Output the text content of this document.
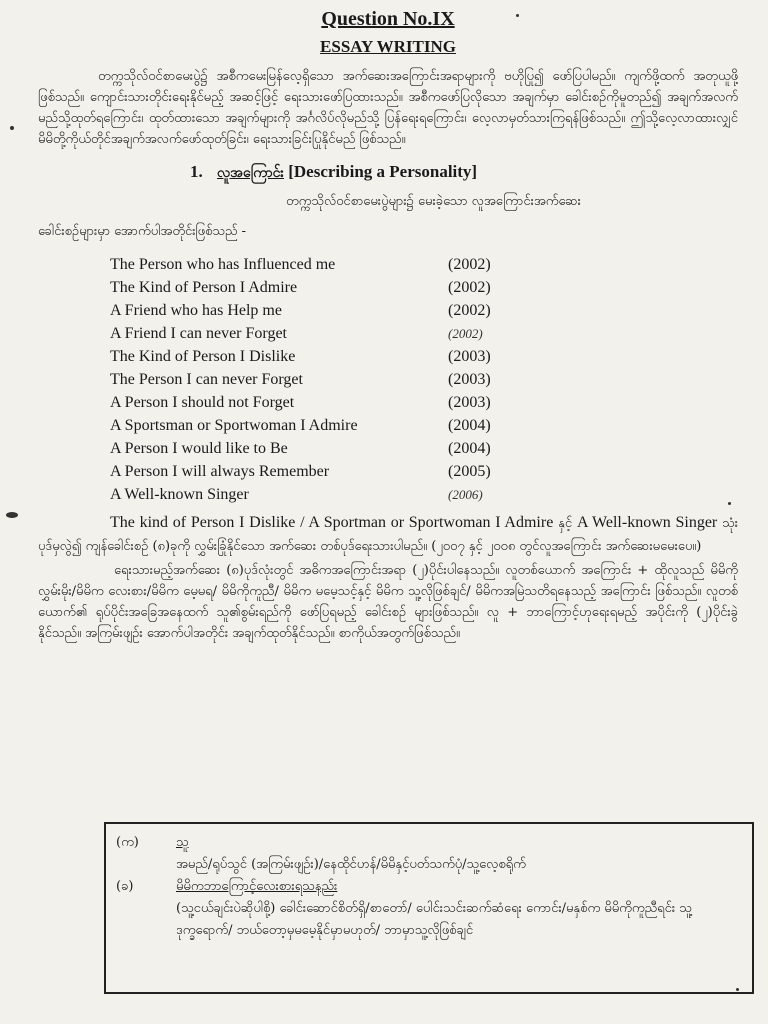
Question No.IX
ESSAY WRITING

တက္ကသိုလ်ဝင်စာမေးပွဲ၌ အစီကမေးမြန်လေ့ရှိသော အက်ဆေးအကြောင်းအရာများကို ဗဟိုပြု၍ ဖော်ပြပါမည်။ ကျက်ဖို့ထက် အတုယူဖို့ဖြစ်သည်။ ကျောင်းသားတိုင်းရေးနိုင်မည့် အဆင့်ဖြင့် ရေးသားဖော်ပြထားသည်။ အစီကဖော်ပြလိုသော အချက်မှာ ခေါင်းစဉ်ကိုမူတည်၍ အချက်အလက် မည်သို့ထုတ်ရကြောင်း၊ ထုတ်ထားသော အချက်များကို အင်္ဂလိပ်လိုမည်သို့ ပြန်ရေးရကြောင်း၊ လေ့လာမှတ်သားကြရန်ဖြစ်သည်။ ဤသို့လေ့လာထားလျှင် မိမိတို့ကိုယ်တိုင်အချက်အလက်ဖော်ထုတ်ခြင်း၊ ရေးသားခြင်းပြုနိုင်မည် ဖြစ်သည်။

1. လူအကြောင်း [Describing a Personality]
တက္ကသိုလ်ဝင်စာမေးပွဲများ၌ မေးခဲ့သော လူအကြောင်းအက်ဆေး
ခေါင်းစဉ်များမှာ အောက်ပါအတိုင်းဖြစ်သည် -
The Person who has Influenced me	(2002)
The Kind of Person I Admire	(2002)
A Friend who has Help me	(2002)
A Friend I can never Forget	(2002)
The Kind of Person I Dislike	(2003)
The Person I can never Forget	(2003)
A Person I should not Forget	(2003)
A Sportsman or Sportwoman I Admire	(2004)
A Person I would like to Be	(2004)
A Person I will always Remember	(2005)
A Well-known Singer	(2006)

The kind of Person I Dislike / A Sportman or Sportwoman I Admire နှင့် A Well-known Singer သုံးပုဒ်မှလွဲ၍ ကျန်ခေါင်းစဉ် (၈)ခုကို လွှမ်းခြုံနိုင်သော အက်ဆေး တစ်ပုဒ်ရေးသားပါမည်။ (၂၀၀၇ နှင့် ၂၀၀၈ တွင်လူအကြောင်း အက်ဆေးမမေးပေ။)

ရေးသားမည့်အက်ဆေး (၈)ပုဒ်လုံးတွင် အဓိကအကြောင်းအရာ (၂)ပိုင်းပါနေသည်။ လူတစ်ယောက် အကြောင်း + ထိုလူသည် မိမိကို လွှမ်းမိုး/မိမိက လေးစား/မိမိက မေ့မရ/ မိမိကိုကူညီ/ မိမိက မမေ့သင့်နှင့် မိမိက သူ့လိုဖြစ်ချင်/ မိမိကအမြဲသတိရနေသည့် အကြောင်း ဖြစ်သည်။ လူတစ်ယောက်၏ ရုပ်ပိုင်းအခြေအနေထက် သူ၏စွမ်းရည်ကို ဖော်ပြရမည့် ခေါင်းစဉ် များဖြစ်သည်။ လူ + ဘာကြောင့်ဟုရေးရမည့် အပိုင်းကို (၂)ပိုင်းခွဲနိုင်သည်။ အကြမ်းဖျဉ်း အောက်ပါအတိုင်း အချက်ထုတ်နိုင်သည်။ စာကိုယ်အတွက်ဖြစ်သည်။

(က)	သူ
အမည်/ရုပ်သွင် (အကြမ်းဖျဉ်း)/နေထိုင်ဟန်/မိမိနှင့်ပတ်သက်ပုံ/သူ့လေ့စရိုက်
(ခ)	မိမိကဘာကြောင့်လေးစားရသနည်း
(သူ့ငယ်ချင်းပဲဆိုပါစို့) ခေါင်းဆောင်စိတ်ရှိ/စာတော်/ ပေါင်းသင်းဆက်ဆံရေး ကောင်း/မနှစ်က မိမိကိုကူညီရင်း သူ့ဒုက္ခရောက်/ ဘယ်တော့မှမမေ့နိုင်မှာမဟုတ်/ ဘာမှာသူ့လိုဖြစ်ချင်
